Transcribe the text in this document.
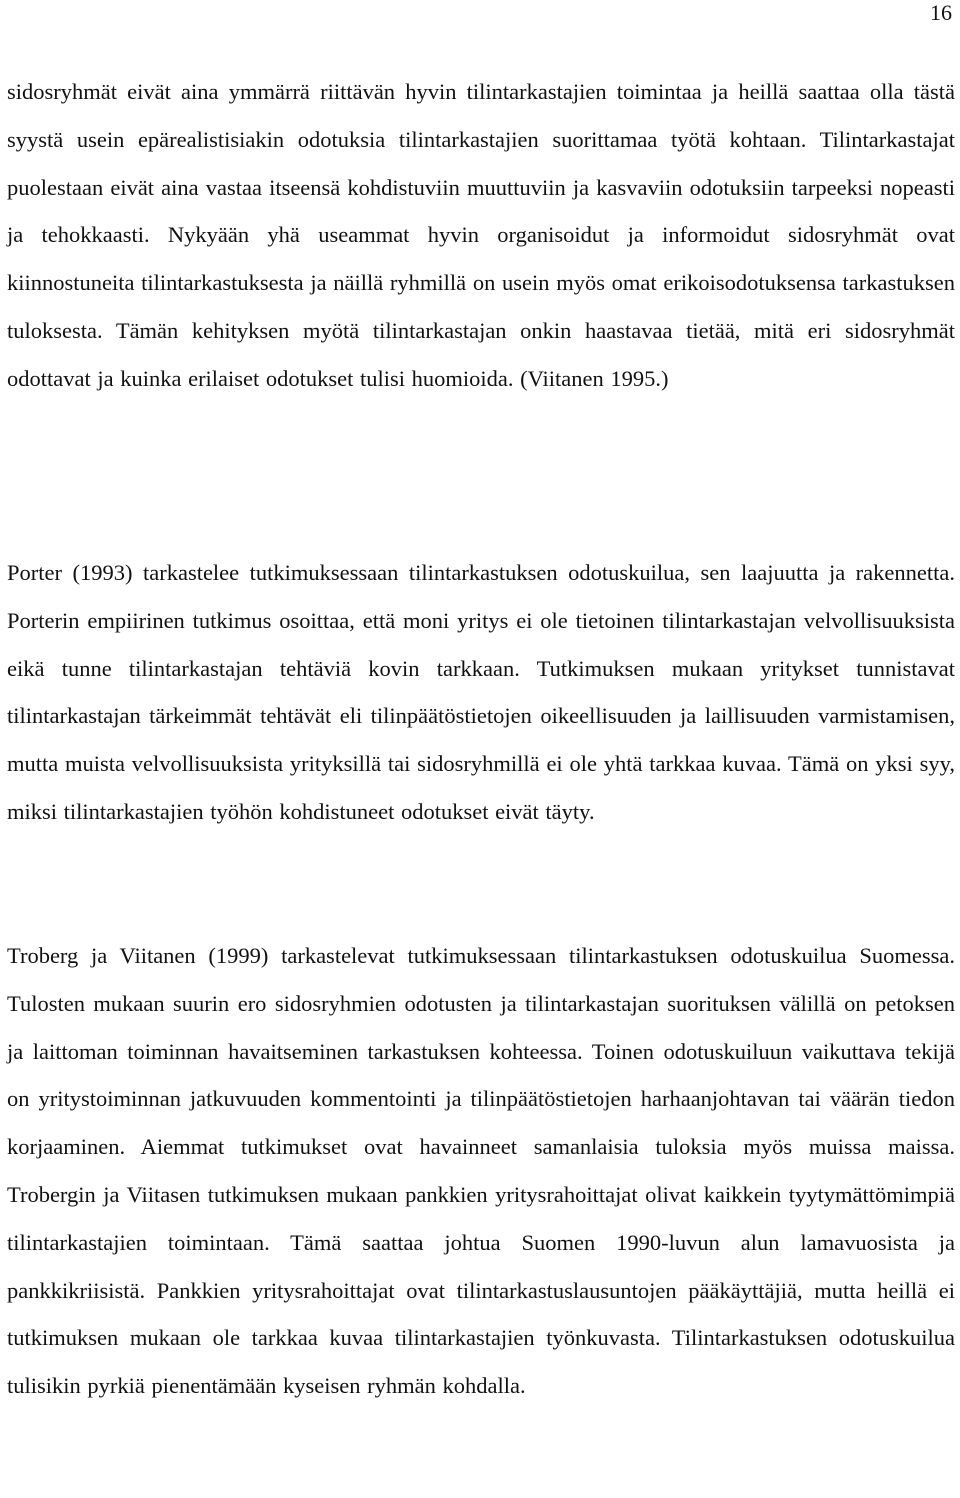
16

sidosryhmät eivät aina ymmärrä riittävän hyvin tilintarkastajien toimintaa ja heillä saattaa olla tästä syystä usein epärealistisiakin odotuksia tilintarkastajien suorittamaa työtä kohtaan. Tilintarkastajat puolestaan eivät aina vastaa itseensä kohdistuviin muuttuviin ja kasvaviin odotuksiin tarpeeksi nopeasti ja tehokkaasti. Nykyään yhä useammat hyvin organisoidut ja informoidut sidosryhmät ovat kiinnostuneita tilintarkastuksesta ja näillä ryhmillä on usein myös omat erikoisodotuksensa tarkastuksen tuloksesta. Tämän kehityksen myötä tilintarkastajan onkin haastavaa tietää, mitä eri sidosryhmät odottavat ja kuinka erilaiset odotukset tulisi huomioida. (Viitanen 1995.)

Porter (1993) tarkastelee tutkimuksessaan tilintarkastuksen odotuskuilua, sen laajuutta ja rakennetta. Porterin empiirinen tutkimus osoittaa, että moni yritys ei ole tietoinen tilintarkastajan velvollisuuksista eikä tunne tilintarkastajan tehtäviä kovin tarkkaan. Tutkimuksen mukaan yritykset tunnistavat tilintarkastajan tärkeimmät tehtävät eli tilinpäätöstietojen oikeellisuuden ja laillisuuden varmistamisen, mutta muista velvollisuuksista yrityksillä tai sidosryhmillä ei ole yhtä tarkkaa kuvaa. Tämä on yksi syy, miksi tilintarkastajien työhön kohdistuneet odotukset eivät täyty.

Troberg ja Viitanen (1999) tarkastelevat tutkimuksessaan tilintarkastuksen odotuskuilua Suomessa. Tulosten mukaan suurin ero sidosryhmien odotusten ja tilintarkastajan suorituksen välillä on petoksen ja laittoman toiminnan havaitseminen tarkastuksen kohteessa. Toinen odotuskuiluun vaikuttava tekijä on yritystoiminnan jatkuvuuden kommentointi ja tilinpäätöstietojen harhaanjohtavan tai väärän tiedon korjaaminen. Aiemmat tutkimukset ovat havainneet samanlaisia tuloksia myös muissa maissa. Trobergin ja Viitasen tutkimuksen mukaan pankkien yritysrahoittajat olivat kaikkein tyytymättömimpiä tilintarkastajien toimintaan. Tämä saattaa johtua Suomen 1990-luvun alun lamavuosista ja pankkikriisistä. Pankkien yritysrahoittajat ovat tilintarkastuslausuntojen pääkäyttäjiä, mutta heillä ei tutkimuksen mukaan ole tarkkaa kuvaa tilintarkastajien työnkuvasta. Tilintarkastuksen odotuskuilua tulisikin pyrkiä pienentämään kyseisen ryhmän kohdalla.
